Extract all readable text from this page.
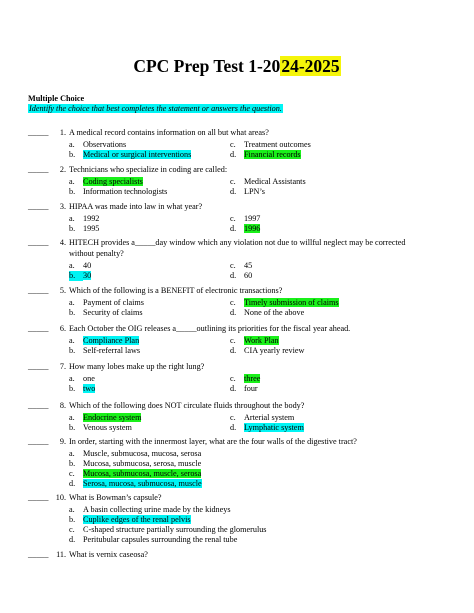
CPC Prep Test 1-2024-2025
Multiple Choice
Identify the choice that best completes the statement or answers the question.
_____ 1. A medical record contains information on all but what areas?
a. Observations
b. Medical or surgical interventions
c. Treatment outcomes
d. Financial records
_____ 2. Technicians who specialize in coding are called:
a. Coding specialists
b. Information technologists
c. Medical Assistants
d. LPN’s
_____ 3. HIPAA was made into law in what year?
a. 1992
b. 1995
c. 1997
d. 1996
_____ 4. HITECH provides a_____day window which any violation not due to willful neglect may be corrected
without penalty?
a. 40
b. 30
c. 45
d. 60
_____ 5. Which of the following is a BENEFIT of electronic transactions?
a. Payment of claims
b. Security of claims
c. Timely submission of claims
d. None of the above
_____ 6. Each October the OIG releases a_____outlining its priorities for the fiscal year ahead.
a. Compliance Plan
b. Self-referral laws
c. Work Plan
d. CIA yearly review
_____ 7. How many lobes make up the right lung?
a. one
b. two
c. three
d. four
_____ 8. Which of the following does NOT circulate fluids throughout the body?
a. Endocrine system
b. Venous system
c. Arterial system
d. Lymphatic system
_____ 9. In order, starting with the innermost layer, what are the four walls of the digestive tract?
a. Muscle, submucosa, mucosa, serosa
b. Mucosa, submucosa, serosa, muscle
c. Mucosa, submucosa, muscle, serosa
d. Serosa, mucosa, submucosa, muscle
_____ 10. What is Bowman’s capsule?
a. A basin collecting urine made by the kidneys
b. Cuplike edges of the renal pelvis
c. C-shaped structure partially surrounding the glomerulus
d. Peritubular capsules surrounding the renal tube
_____ 11. What is vernix caseosa?
